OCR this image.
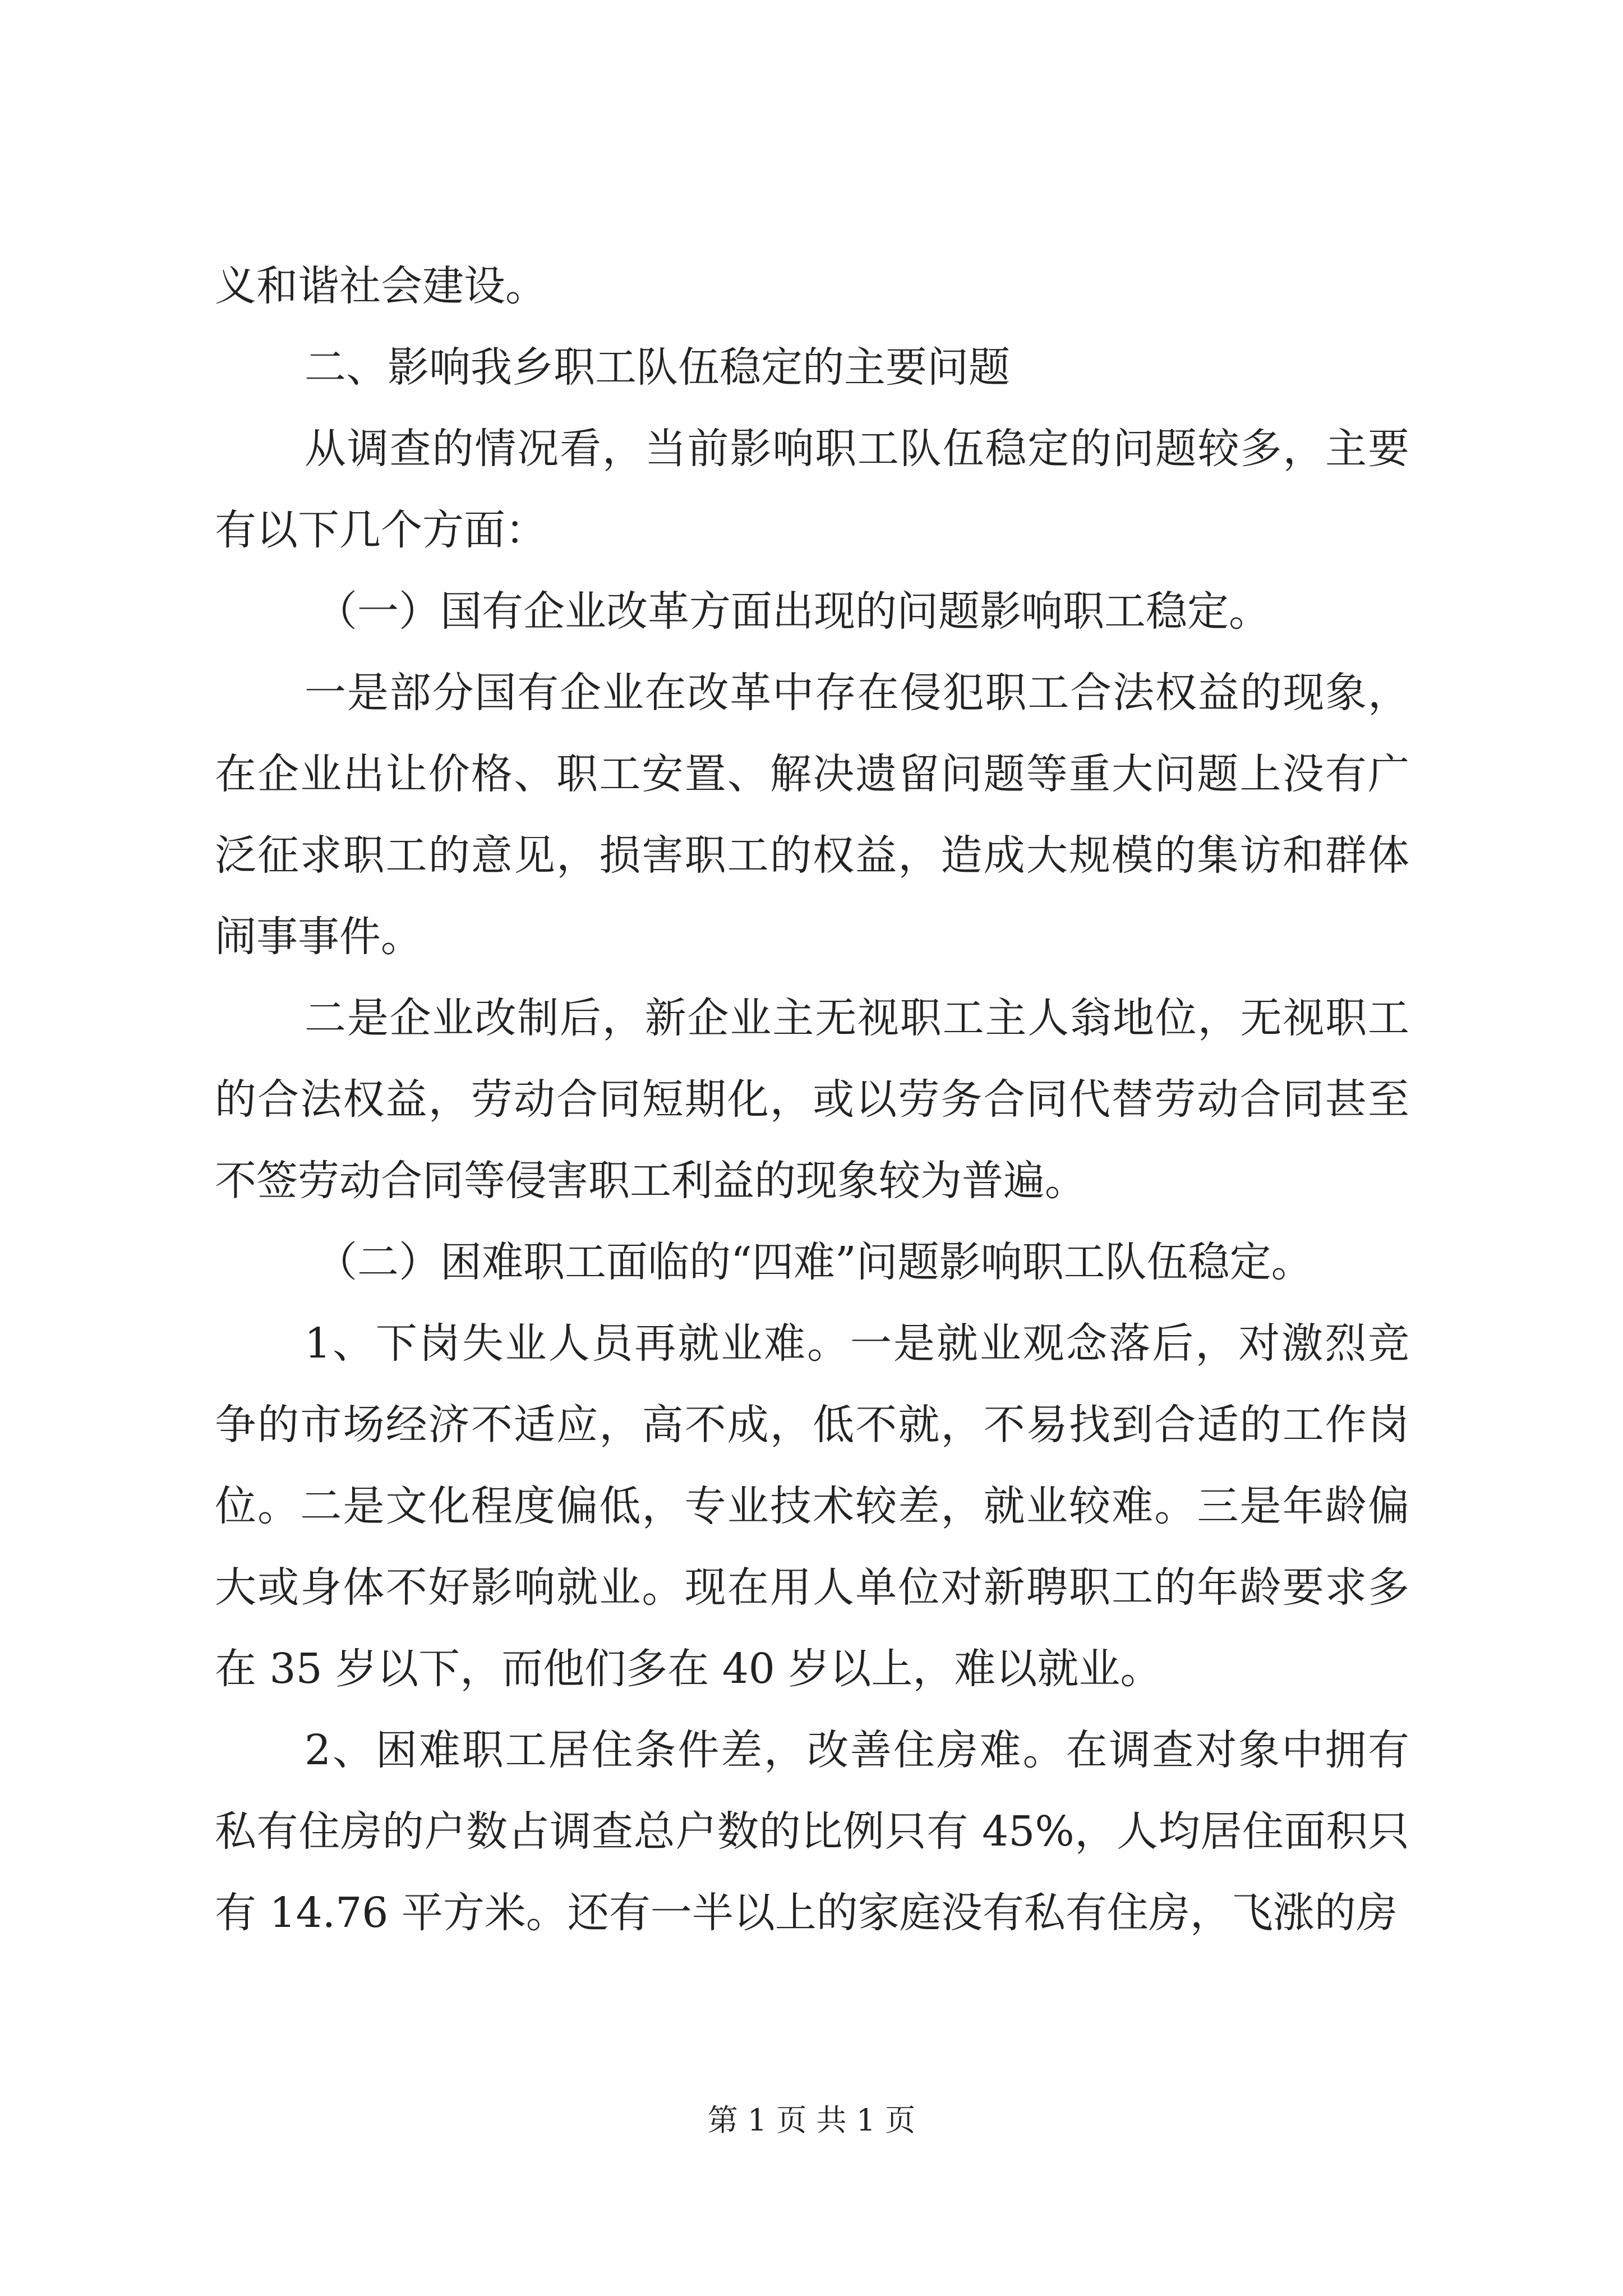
义和谐社会建设。

二、影响我乡职工队伍稳定的主要问题

从调查的情况看，当前影响职工队伍稳定的问题较多，主要有以下几个方面：

（一）国有企业改革方面出现的问题影响职工稳定。

一是部分国有企业在改革中存在侵犯职工合法权益的现象，在企业出让价格、职工安置、解决遗留问题等重大问题上没有广泛征求职工的意见，损害职工的权益，造成大规模的集访和群体闹事事件。

二是企业改制后，新企业主无视职工主人翁地位，无视职工的合法权益，劳动合同短期化，或以劳务合同代替劳动合同甚至不签劳动合同等侵害职工利益的现象较为普遍。

（二）困难职工面临的“四难”问题影响职工队伍稳定。

1、下岗失业人员再就业难。一是就业观念落后，对激烈竞争的市场经济不适应，高不成，低不就，不易找到合适的工作岗位。二是文化程度偏低，专业技术较差，就业较难。三是年龄偏大或身体不好影响就业。现在用人单位对新聘职工的年龄要求多在 35 岁以下，而他们多在 40 岁以上，难以就业。

2、困难职工居住条件差，改善住房难。在调查对象中拥有私有住房的户数占调查总户数的比例只有 45%，人均居住面积只有 14.76 平方米。还有一半以上的家庭没有私有住房，飞涨的房

第 1 页 共 1 页
